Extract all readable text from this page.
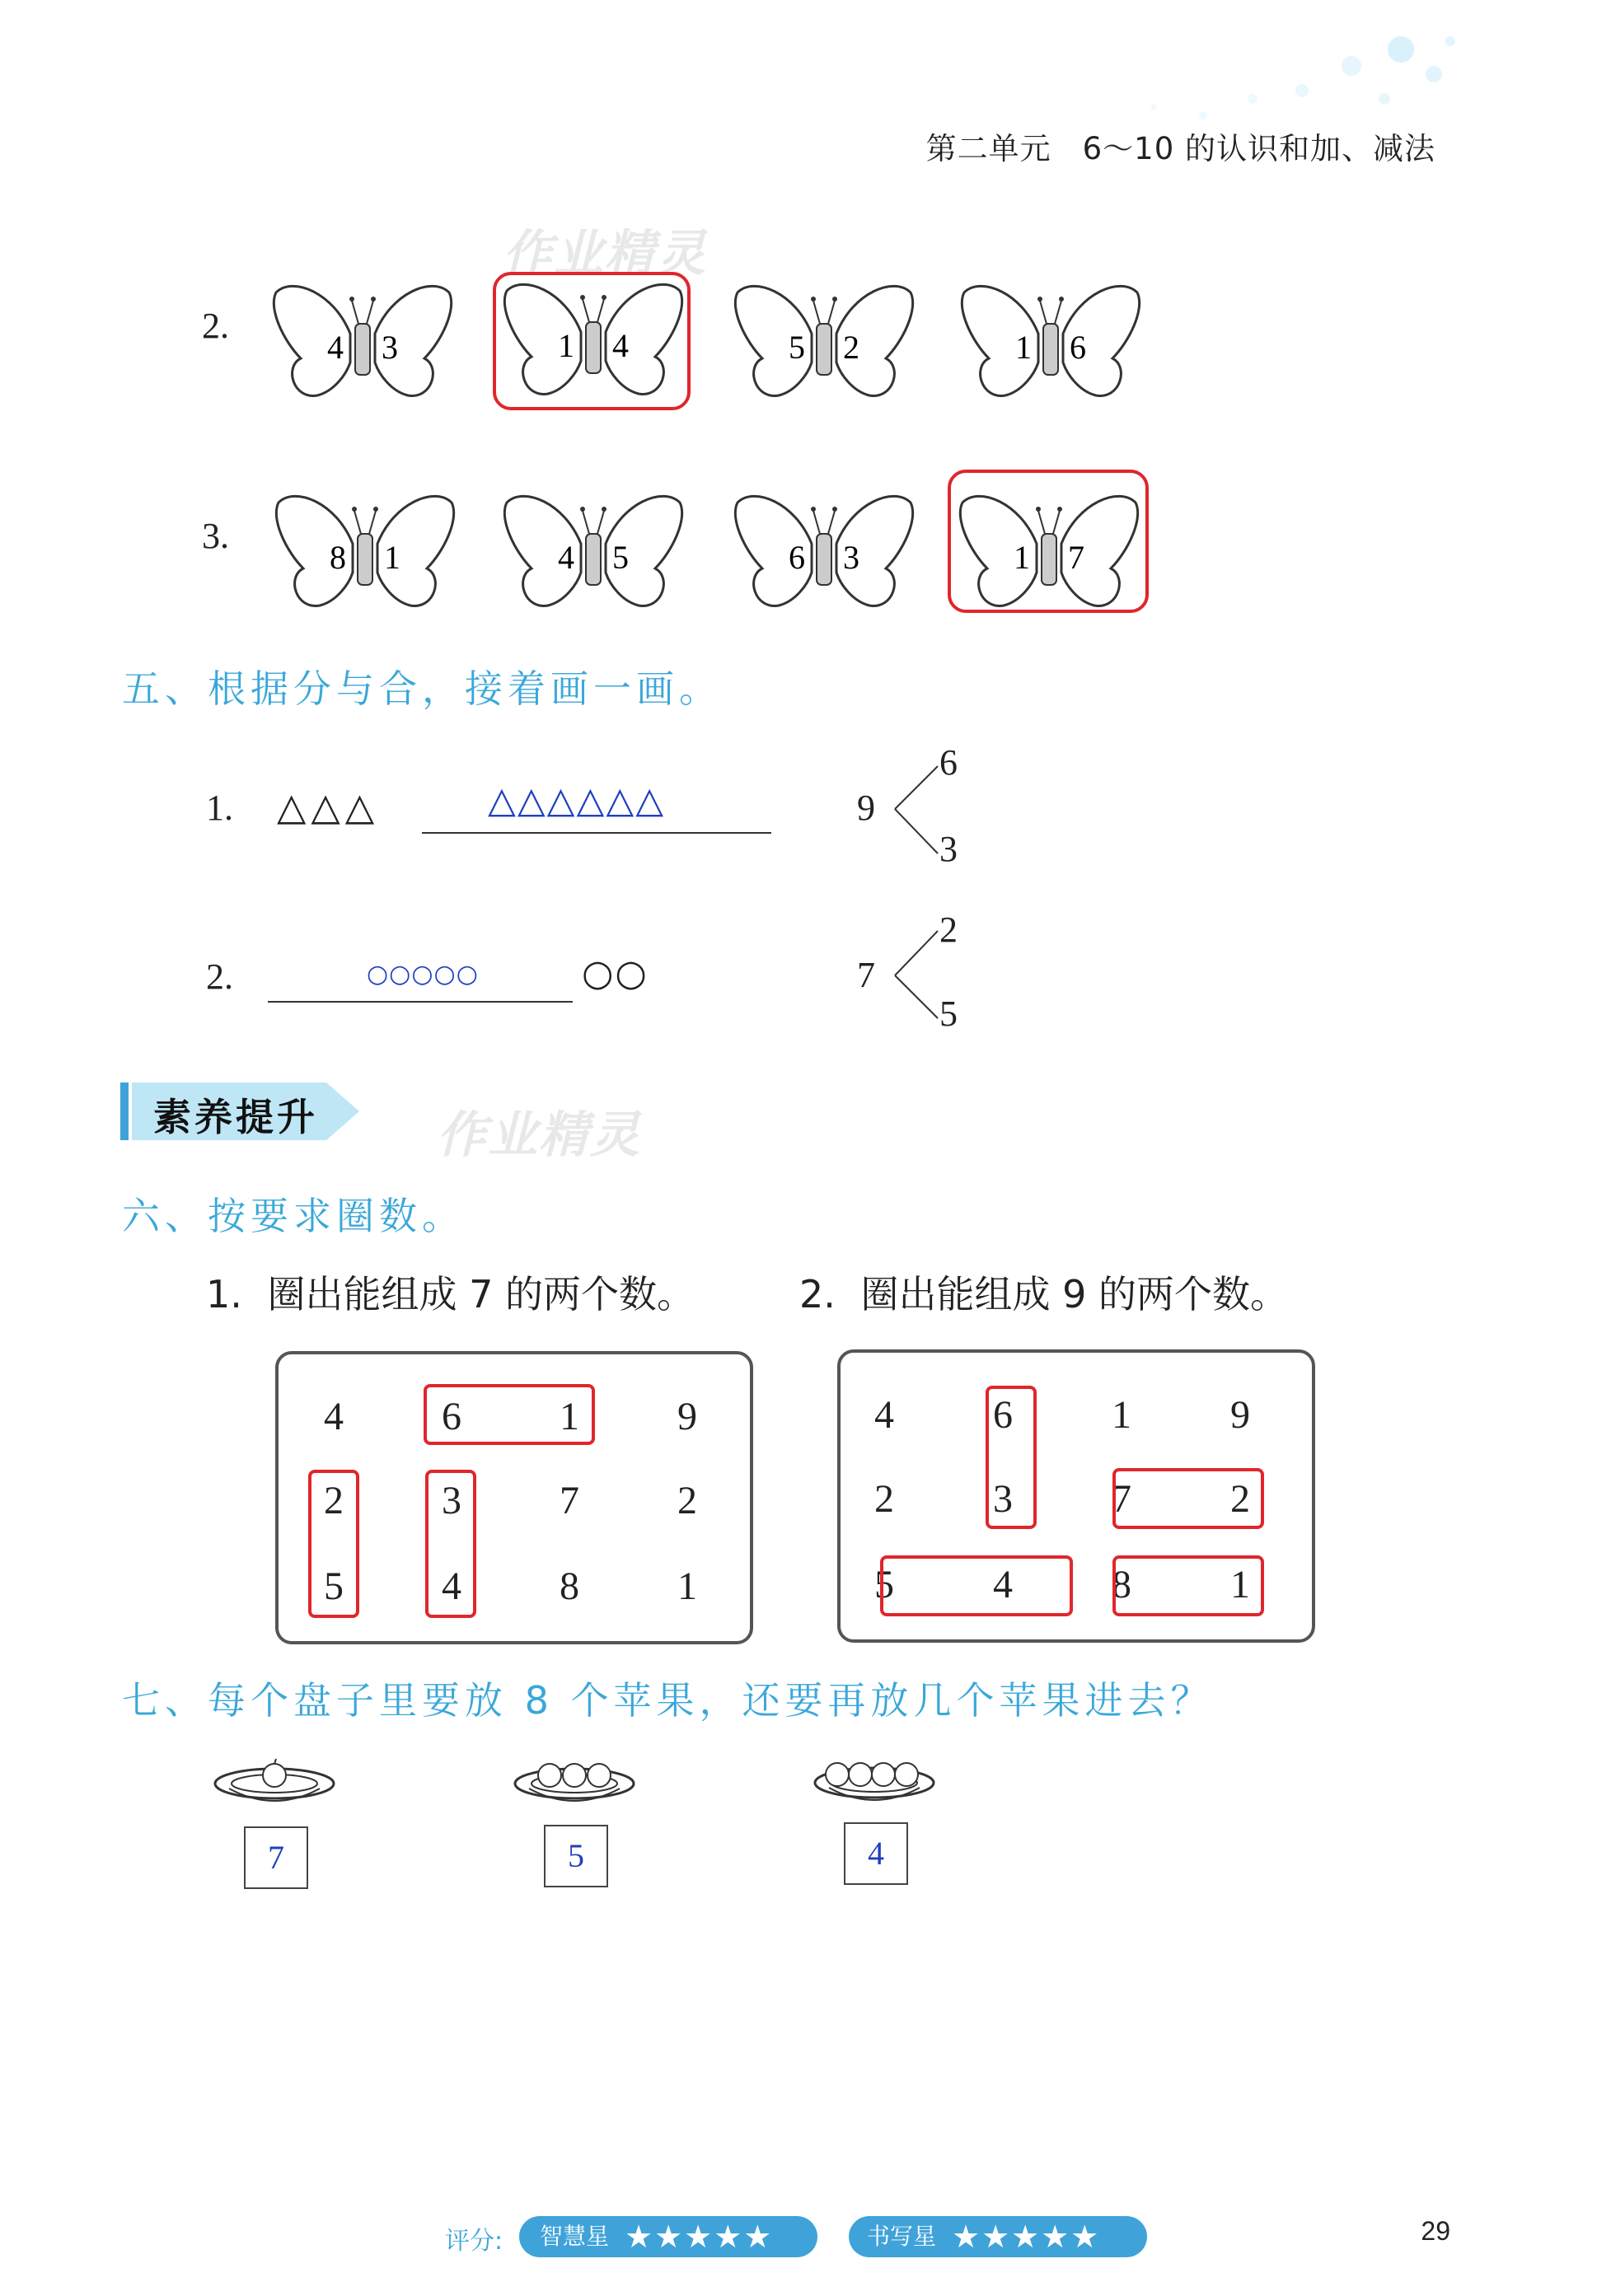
第二单元　6～10 的认识和加、减法
作业精灵
作业精灵
2.
3.
4 3	1 4	5 2	1 6
8 1	4 5	6 3	1 7
五、根据分与合，接着画一画。
1. △△△	△△△△△△	9
6
3
2.	○○○○○	○○	7
2
5
素养提升
六、按要求圈数。
1. 圈出能组成 7 的两个数。	2. 圈出能组成 9 的两个数。
4 6 1 9
2 3 7 2
5 4 8 1
4	6	1	9
2	3	7	2
5	4	8	1
七、每个盘子里要放 8 个苹果，还要再放几个苹果进去？
7	5	4
评分: 智慧星 ★★★★★	书写星 ★★★★★	29
